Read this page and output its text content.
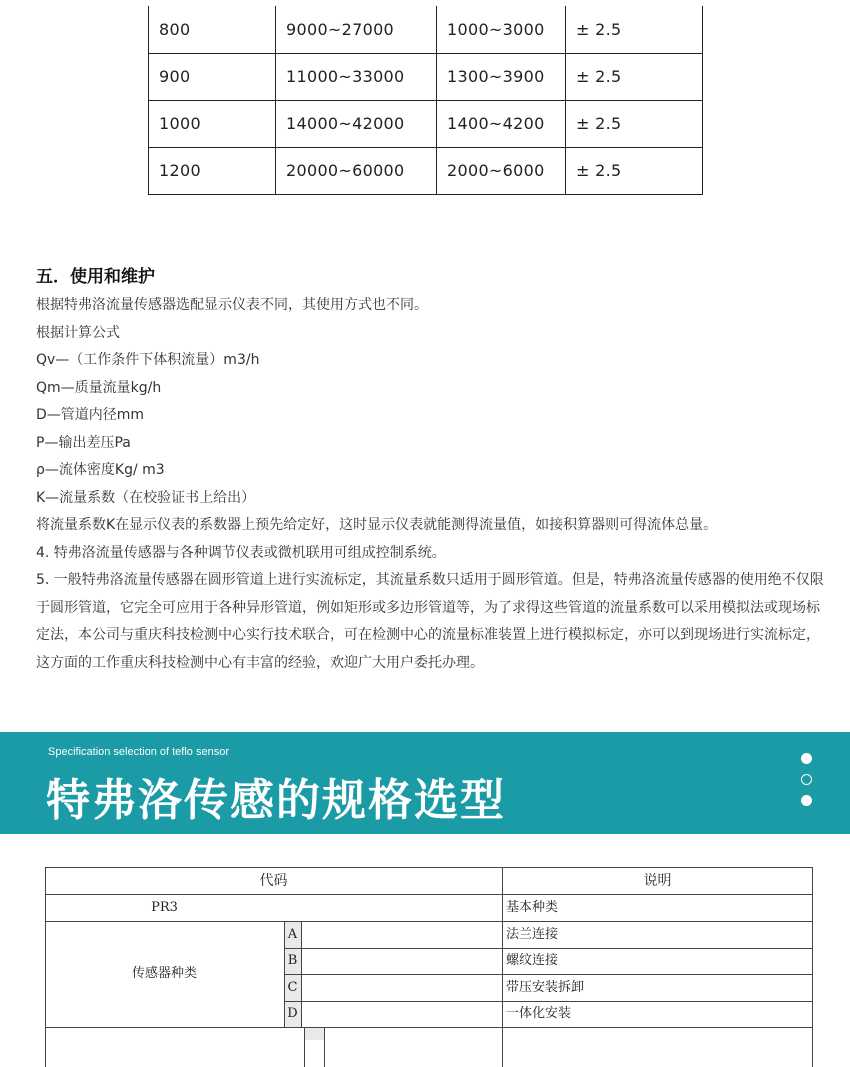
800	9000~27000	1000~3000	± 2.5
900	11000~33000	1300~3900	± 2.5
1000	14000~42000	1400~4200	± 2.5
1200	20000~60000	2000~6000	± 2.5
五．使用和维护

根据特弗洛流量传感器选配显示仪表不同，其使用方式也不同。

根据计算公式

Qv—（工作条件下体积流量）m3/h

Qm—质量流量kg/h

D—管道内径mm

P—输出差压Pa

ρ—流体密度Kg/ m3

K—流量系数（在校验证书上给出）

将流量系数K在显示仪表的系数器上预先给定好，这时显示仪表就能测得流量值，如接积算器则可得流体总量。

4. 特弗洛流量传感器与各种调节仪表或微机联用可组成控制系统。

5. 一般特弗洛流量传感器在圆形管道上进行实流标定，其流量系数只适用于圆形管道。但是，特弗洛流量传感器的使用绝不仅限于圆形管道，它完全可应用于各种异形管道，例如矩形或多边形管道等，为了求得这些管道的流量系数可以采用模拟法或现场标定法，本公司与重庆科技检测中心实行技术联合，可在检测中心的流量标准装置上进行模拟标定，亦可以到现场进行实流标定，这方面的工作重庆科技检测中心有丰富的经验，欢迎广大用户委托办理。

Specification selection of teflo sensor
特弗洛传感的规格选型
代码	说明
PR3	基本种类
传感器种类
A	法兰连接
B	螺纹连接
C	带压安装拆卸
D	一体化安装
